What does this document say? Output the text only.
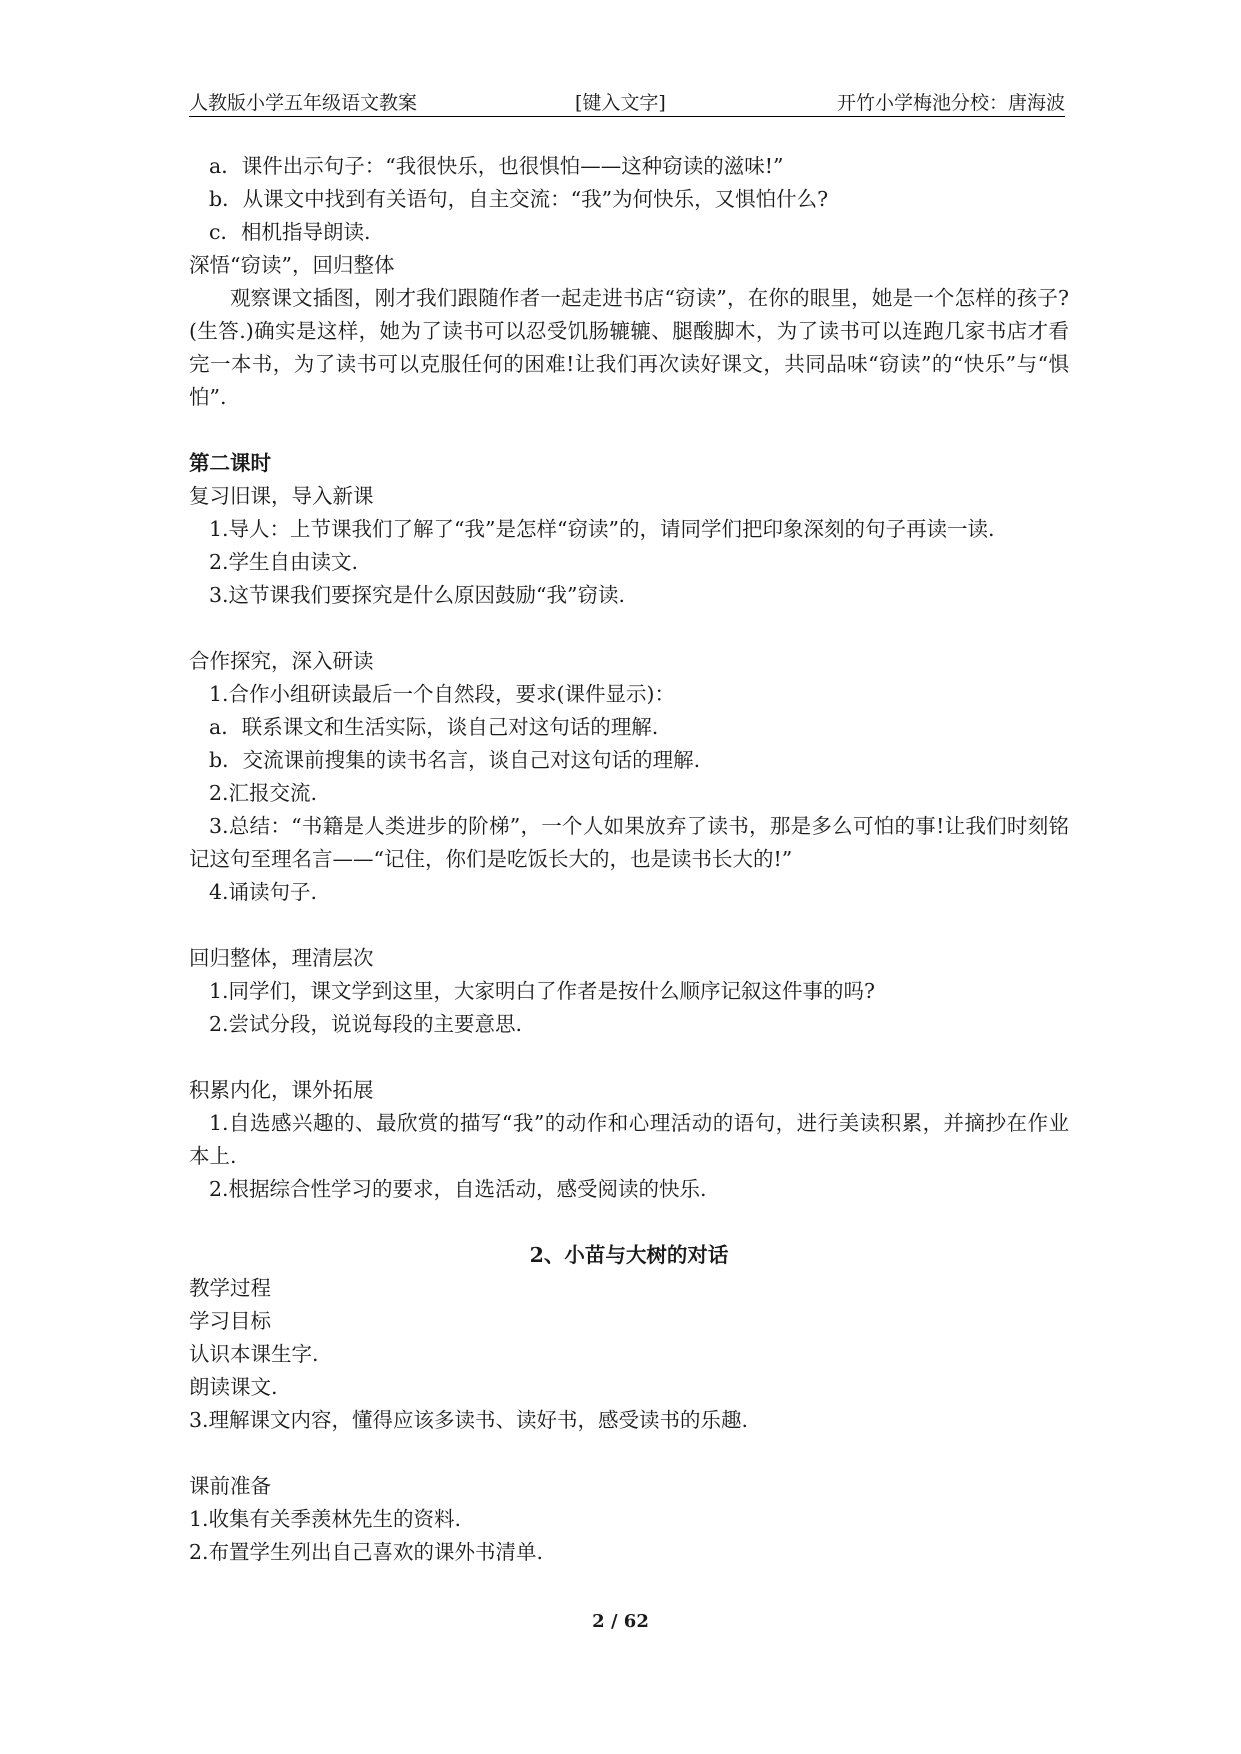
人教版小学五年级语文教案	[键入文字]	开竹小学梅池分校：唐海波
a．课件出示句子：“我很快乐，也很惧怕——这种窃读的滋味!”
b．从课文中找到有关语句，自主交流：“我”为何快乐，又惧怕什么?
c．相机指导朗读.
深悟“窃读”，回归整体
观察课文插图，刚才我们跟随作者一起走进书店“窃读”，在你的眼里，她是一个怎样的孩子?(生答.)确实是这样，她为了读书可以忍受饥肠辘辘、腿酸脚木，为了读书可以连跑几家书店才看完一本书，为了读书可以克服任何的困难!让我们再次读好课文，共同品味“窃读”的“快乐”与“惧怕”.
第二课时
复习旧课，导入新课
1.导人：上节课我们了解了“我”是怎样“窃读”的，请同学们把印象深刻的句子再读一读.
2.学生自由读文.
3.这节课我们要探究是什么原因鼓励“我”窃读.
合作探究，深入研读
1.合作小组研读最后一个自然段，要求(课件显示)：
a．联系课文和生活实际，谈自己对这句话的理解.
b．交流课前搜集的读书名言，谈自己对这句话的理解.
2.汇报交流.
3.总结：“书籍是人类进步的阶梯”，一个人如果放弃了读书，那是多么可怕的事!让我们时刻铭记这句至理名言——“记住，你们是吃饭长大的，也是读书长大的!”
4.诵读句子.
回归整体，理清层次
1.同学们，课文学到这里，大家明白了作者是按什么顺序记叙这件事的吗?
2.尝试分段，说说每段的主要意思.
积累内化，课外拓展
1.自选感兴趣的、最欣赏的描写“我”的动作和心理活动的语句，进行美读积累，并摘抄在作业本上.
2.根据综合性学习的要求，自选活动，感受阅读的快乐.
2、小苗与大树的对话
教学过程
学习目标
认识本课生字.
朗读课文.
3.理解课文内容，懂得应该多读书、读好书，感受读书的乐趣.
课前准备
1.收集有关季羡林先生的资料.
2.布置学生列出自己喜欢的课外书清单.
2 / 62
